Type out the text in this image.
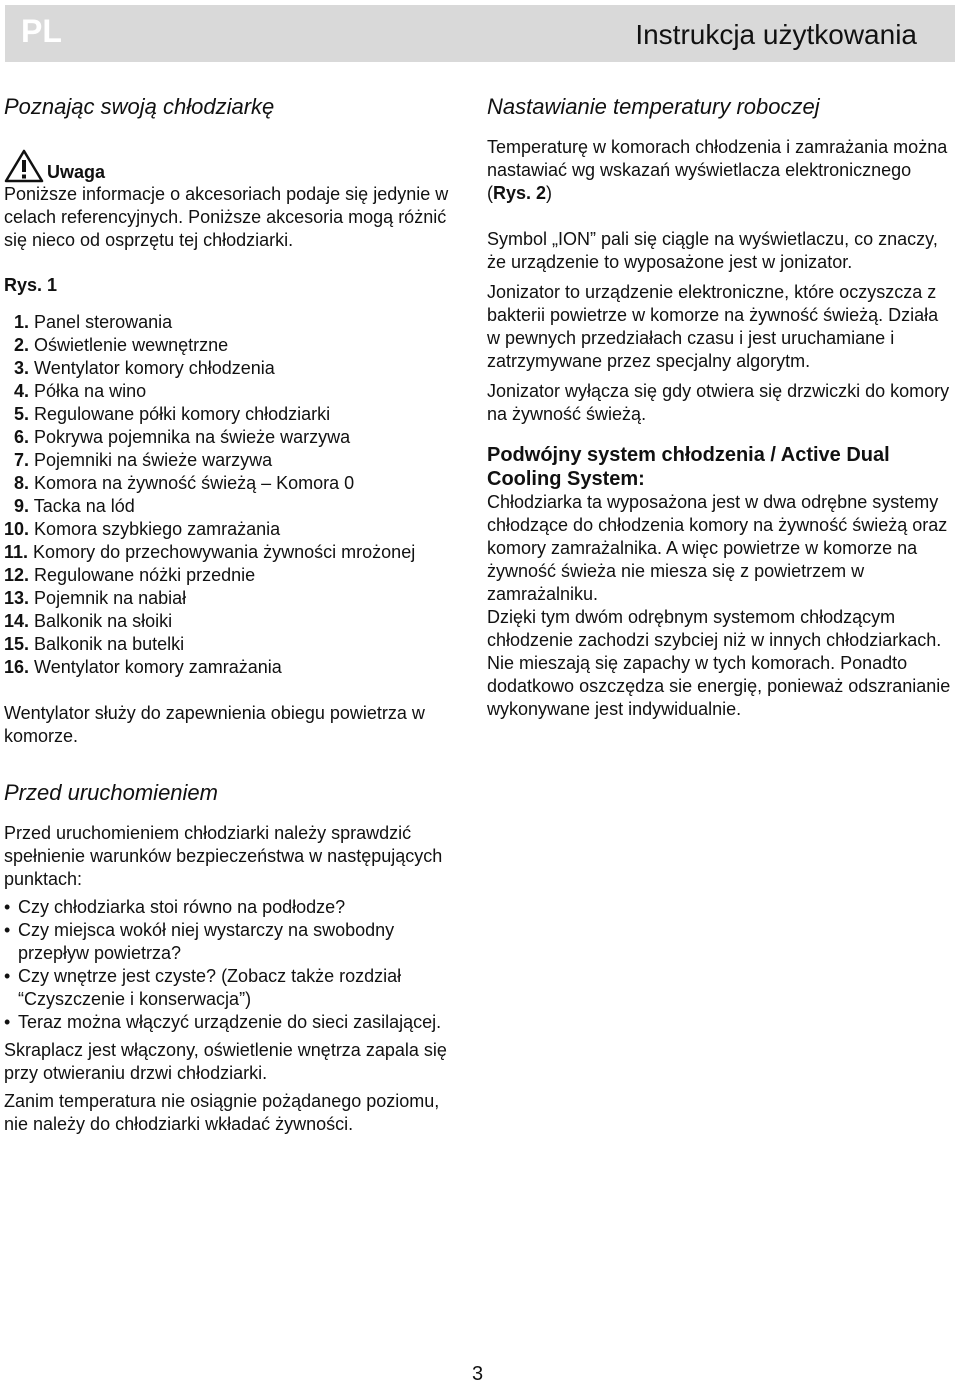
PL	Instrukcja użytkowania
Poznając swoją chłodziarkę
Uwaga

Poniższe informacje o akcesoriach podaje się jedynie w celach referencyjnych. Poniższe akcesoria mogą różnić się nieco od osprzętu tej chłodziarki.

Rys. 1

1. Panel sterowania
2. Oświetlenie wewnętrzne
3. Wentylator komory chłodzenia
4. Półka na wino
5. Regulowane półki komory chłodziarki
6. Pokrywa pojemnika na świeże warzywa
7. Pojemniki na świeże warzywa
8. Komora na żywność świeżą – Komora 0
9. Tacka na lód
10. Komora szybkiego zamrażania
11. Komory do przechowywania żywności mrożonej
12. Regulowane nóżki przednie
13. Pojemnik na nabiał
14. Balkonik na słoiki
15. Balkonik na butelki
16. Wentylator komory zamrażania

Wentylator służy do zapewnienia obiegu powietrza w komorze.

Przed uruchomieniem

Przed uruchomieniem chłodziarki należy sprawdzić spełnienie warunków bezpieczeństwa w następujących punktach:

• Czy chłodziarka stoi równo na podłodze?
• Czy miejsca wokół niej wystarczy na swobodny przepływ powietrza?
• Czy wnętrze jest czyste? (Zobacz także rozdział “Czyszczenie i konserwacja”)
• Teraz można włączyć urządzenie do sieci zasilającej.

Skraplacz jest włączony, oświetlenie wnętrza zapala się przy otwieraniu drzwi chłodziarki.

Zanim temperatura nie osiągnie pożądanego poziomu, nie należy do chłodziarki wkładać żywności.

Nastawianie temperatury roboczej

Temperaturę w komorach chłodzenia i zamrażania można nastawiać wg wskazań wyświetlacza elektronicznego (Rys. 2)

Symbol „ION” pali się ciągle na wyświetlaczu, co znaczy, że urządzenie to wyposażone jest w jonizator.

Jonizator to urządzenie elektroniczne, które oczyszcza z bakterii powietrze w komorze na żywność świeżą. Działa w pewnych przedziałach czasu i jest uruchamiane i zatrzymywane przez specjalny algorytm.

Jonizator wyłącza się gdy otwiera się drzwiczki do komory na żywność świeżą.

Podwójny system chłodzenia / Active Dual Cooling System:

Chłodziarka ta wyposażona jest w dwa odrębne systemy chłodzące do chłodzenia komory na żywność świeżą oraz komory zamrażalnika. A więc powietrze w komorze na żywność świeża nie miesza się z powietrzem w zamrażalniku.

Dzięki tym dwóm odrębnym systemom chłodzącym chłodzenie zachodzi szybciej niż w innych chłodziarkach.

Nie mieszają się zapachy w tych komorach. Ponadto dodatkowo oszczędza sie energię, ponieważ odszranianie wykonywane jest indywidualnie.

3
